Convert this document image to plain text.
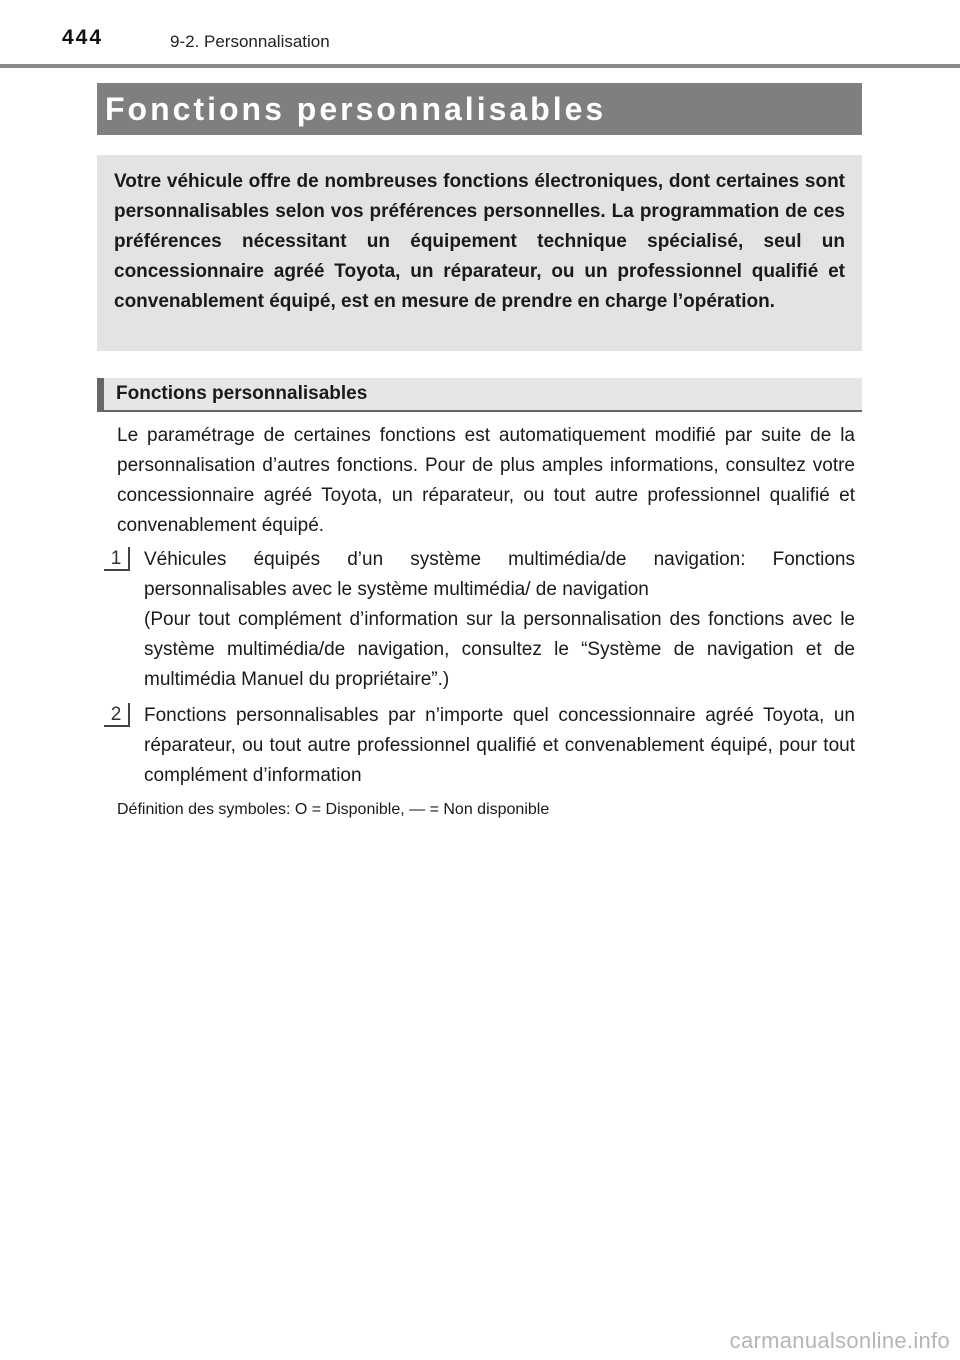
444	9-2. Personnalisation
Fonctions personnalisables

Votre véhicule offre de nombreuses fonctions électroniques, dont certaines sont personnalisables selon vos préférences personnelles. La programmation de ces préférences nécessitant un équipement technique spécialisé, seul un concessionnaire agréé Toyota, un réparateur, ou un professionnel qualifié et convenablement équipé, est en mesure de prendre en charge l’opération.

Fonctions personnalisables

Le paramétrage de certaines fonctions est automatiquement modifié par suite de la personnalisation d’autres fonctions. Pour de plus amples informations, consultez votre concessionnaire agréé Toyota, un réparateur, ou tout autre professionnel qualifié et convenablement équipé.

1	Véhicules équipés d’un système multimédia/de navigation: Fonctions personnalisables avec le système multimédia/ de navigation

(Pour tout complément d’information sur la personnalisation des fonctions avec le système multimédia/de navigation, consultez le “Système de navigation et de multimédia Manuel du propriétaire”.)

2	Fonctions personnalisables par n’importe quel concessionnaire agréé Toyota, un réparateur, ou tout autre professionnel qualifié et convenablement équipé, pour tout complément d’information

Définition des symboles: O = Disponible, — = Non disponible
carmanualsonline.info
